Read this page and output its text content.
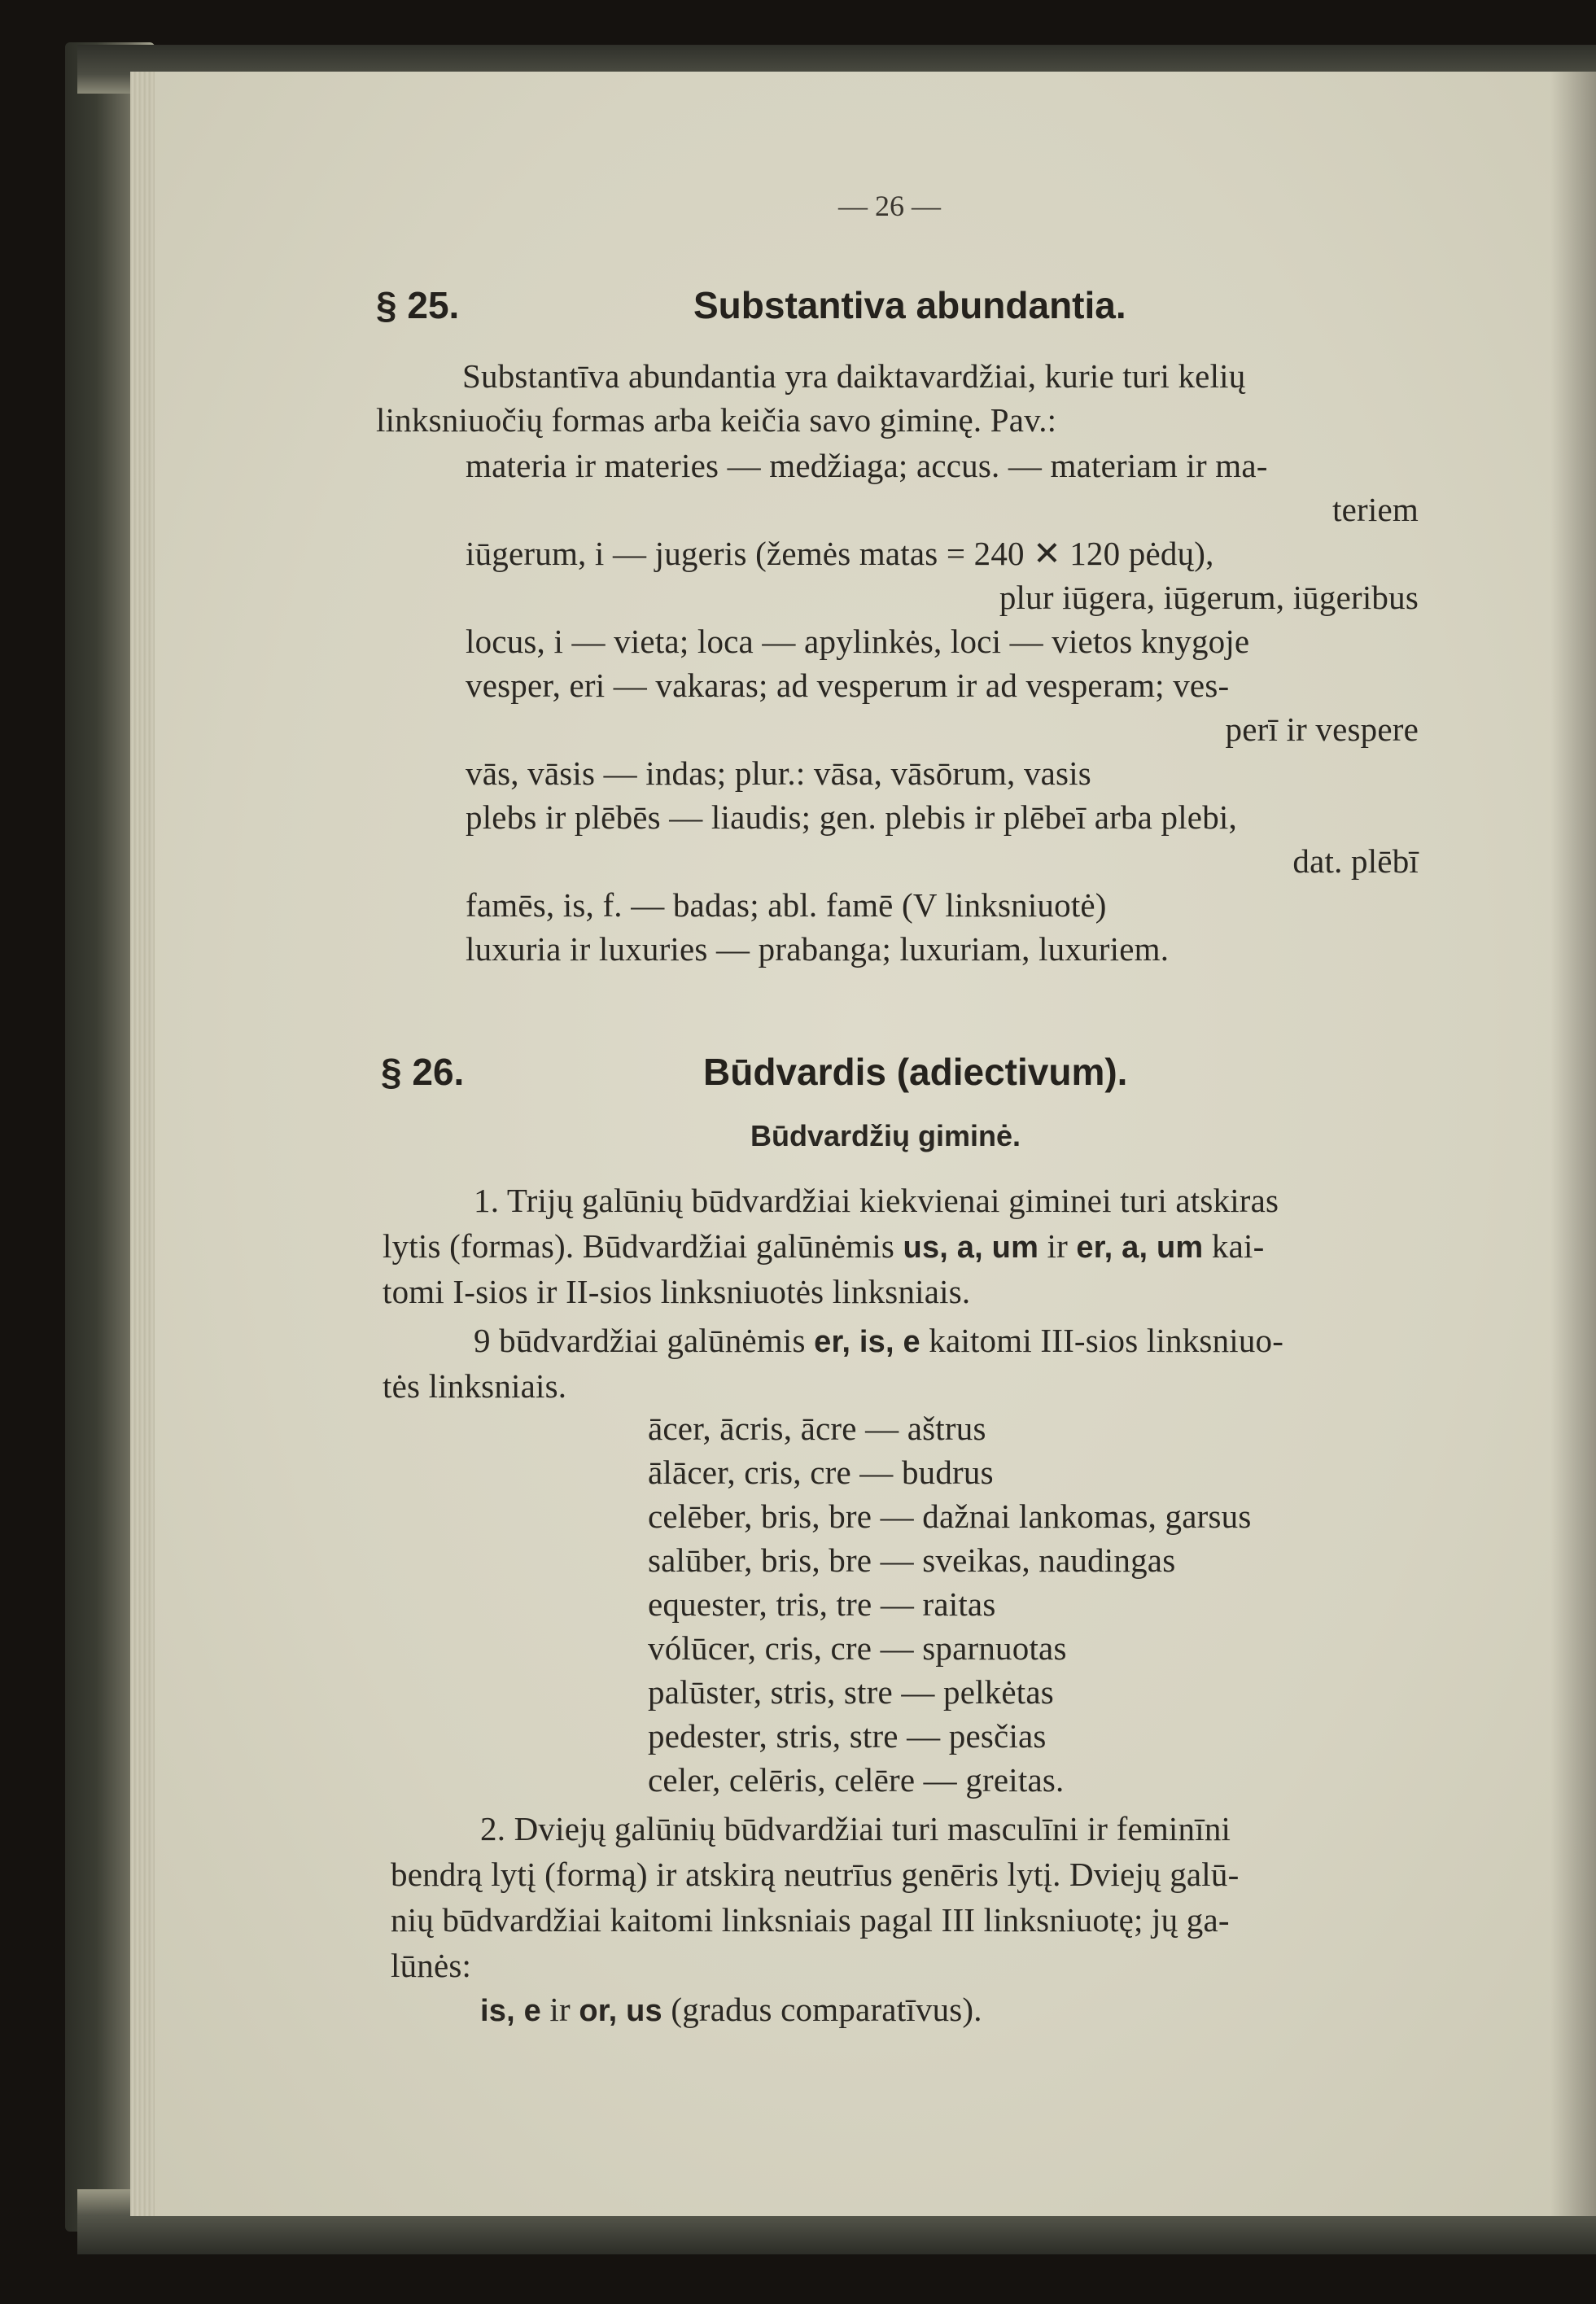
— 26 —
§ 25.	Substantiva abundantia.
Substantīva abundantia yra daiktavardžiai, kurie turi kelių
linksniuočių formas arba keičia savo giminę. Pav.:
materia ir materies — medžiaga; accus. — materiam ir ma-
teriem
iūgerum, i — jugeris (žemės matas = 240 ✕ 120 pėdų),
plur iūgera, iūgerum, iūgeribus
locus, i — vieta; loca — apylinkės, loci — vietos knygoje
vesper, eri — vakaras; ad vesperum ir ad vesperam; ves-
perī ir vespere
vās, vāsis — indas; plur.: vāsa, vāsōrum, vasis
plebs ir plēbēs — liaudis; gen. plebis ir plēbeī arba plebi,
dat. plēbī
famēs, is, f. — badas; abl. famē (V linksniuotė)
luxuria ir luxuries — prabanga; luxuriam, luxuriem.
§ 26.	Būdvardis (adiectivum).
Būdvardžių giminė.
1. Trijų galūnių būdvardžiai kiekvienai giminei turi atskiras
lytis (formas). Būdvardžiai galūnėmis us, a, um ir er, a, um kai-
tomi I-sios ir II-sios linksniuotės linksniais.
9 būdvardžiai galūnėmis er, is, e kaitomi III-sios linksniuo-
tės linksniais.
ācer, ācris, ācre — aštrus
ālācer, cris, cre — budrus
celēber, bris, bre — dažnai lankomas, garsus
salūber, bris, bre — sveikas, naudingas
equester, tris, tre — raitas
vólūcer, cris, cre — sparnuotas
palūster, stris, stre — pelkėtas
pedester, stris, stre — pesčias
celer, celēris, celēre — greitas.
2. Dviejų galūnių būdvardžiai turi masculīni ir feminīni
bendrą lytį (formą) ir atskirą neutrīus genēris lytį. Dviejų galū-
nių būdvardžiai kaitomi linksniais pagal III linksniuotę; jų ga-
lūnės:
is, e ir or, us (gradus comparatīvus).
